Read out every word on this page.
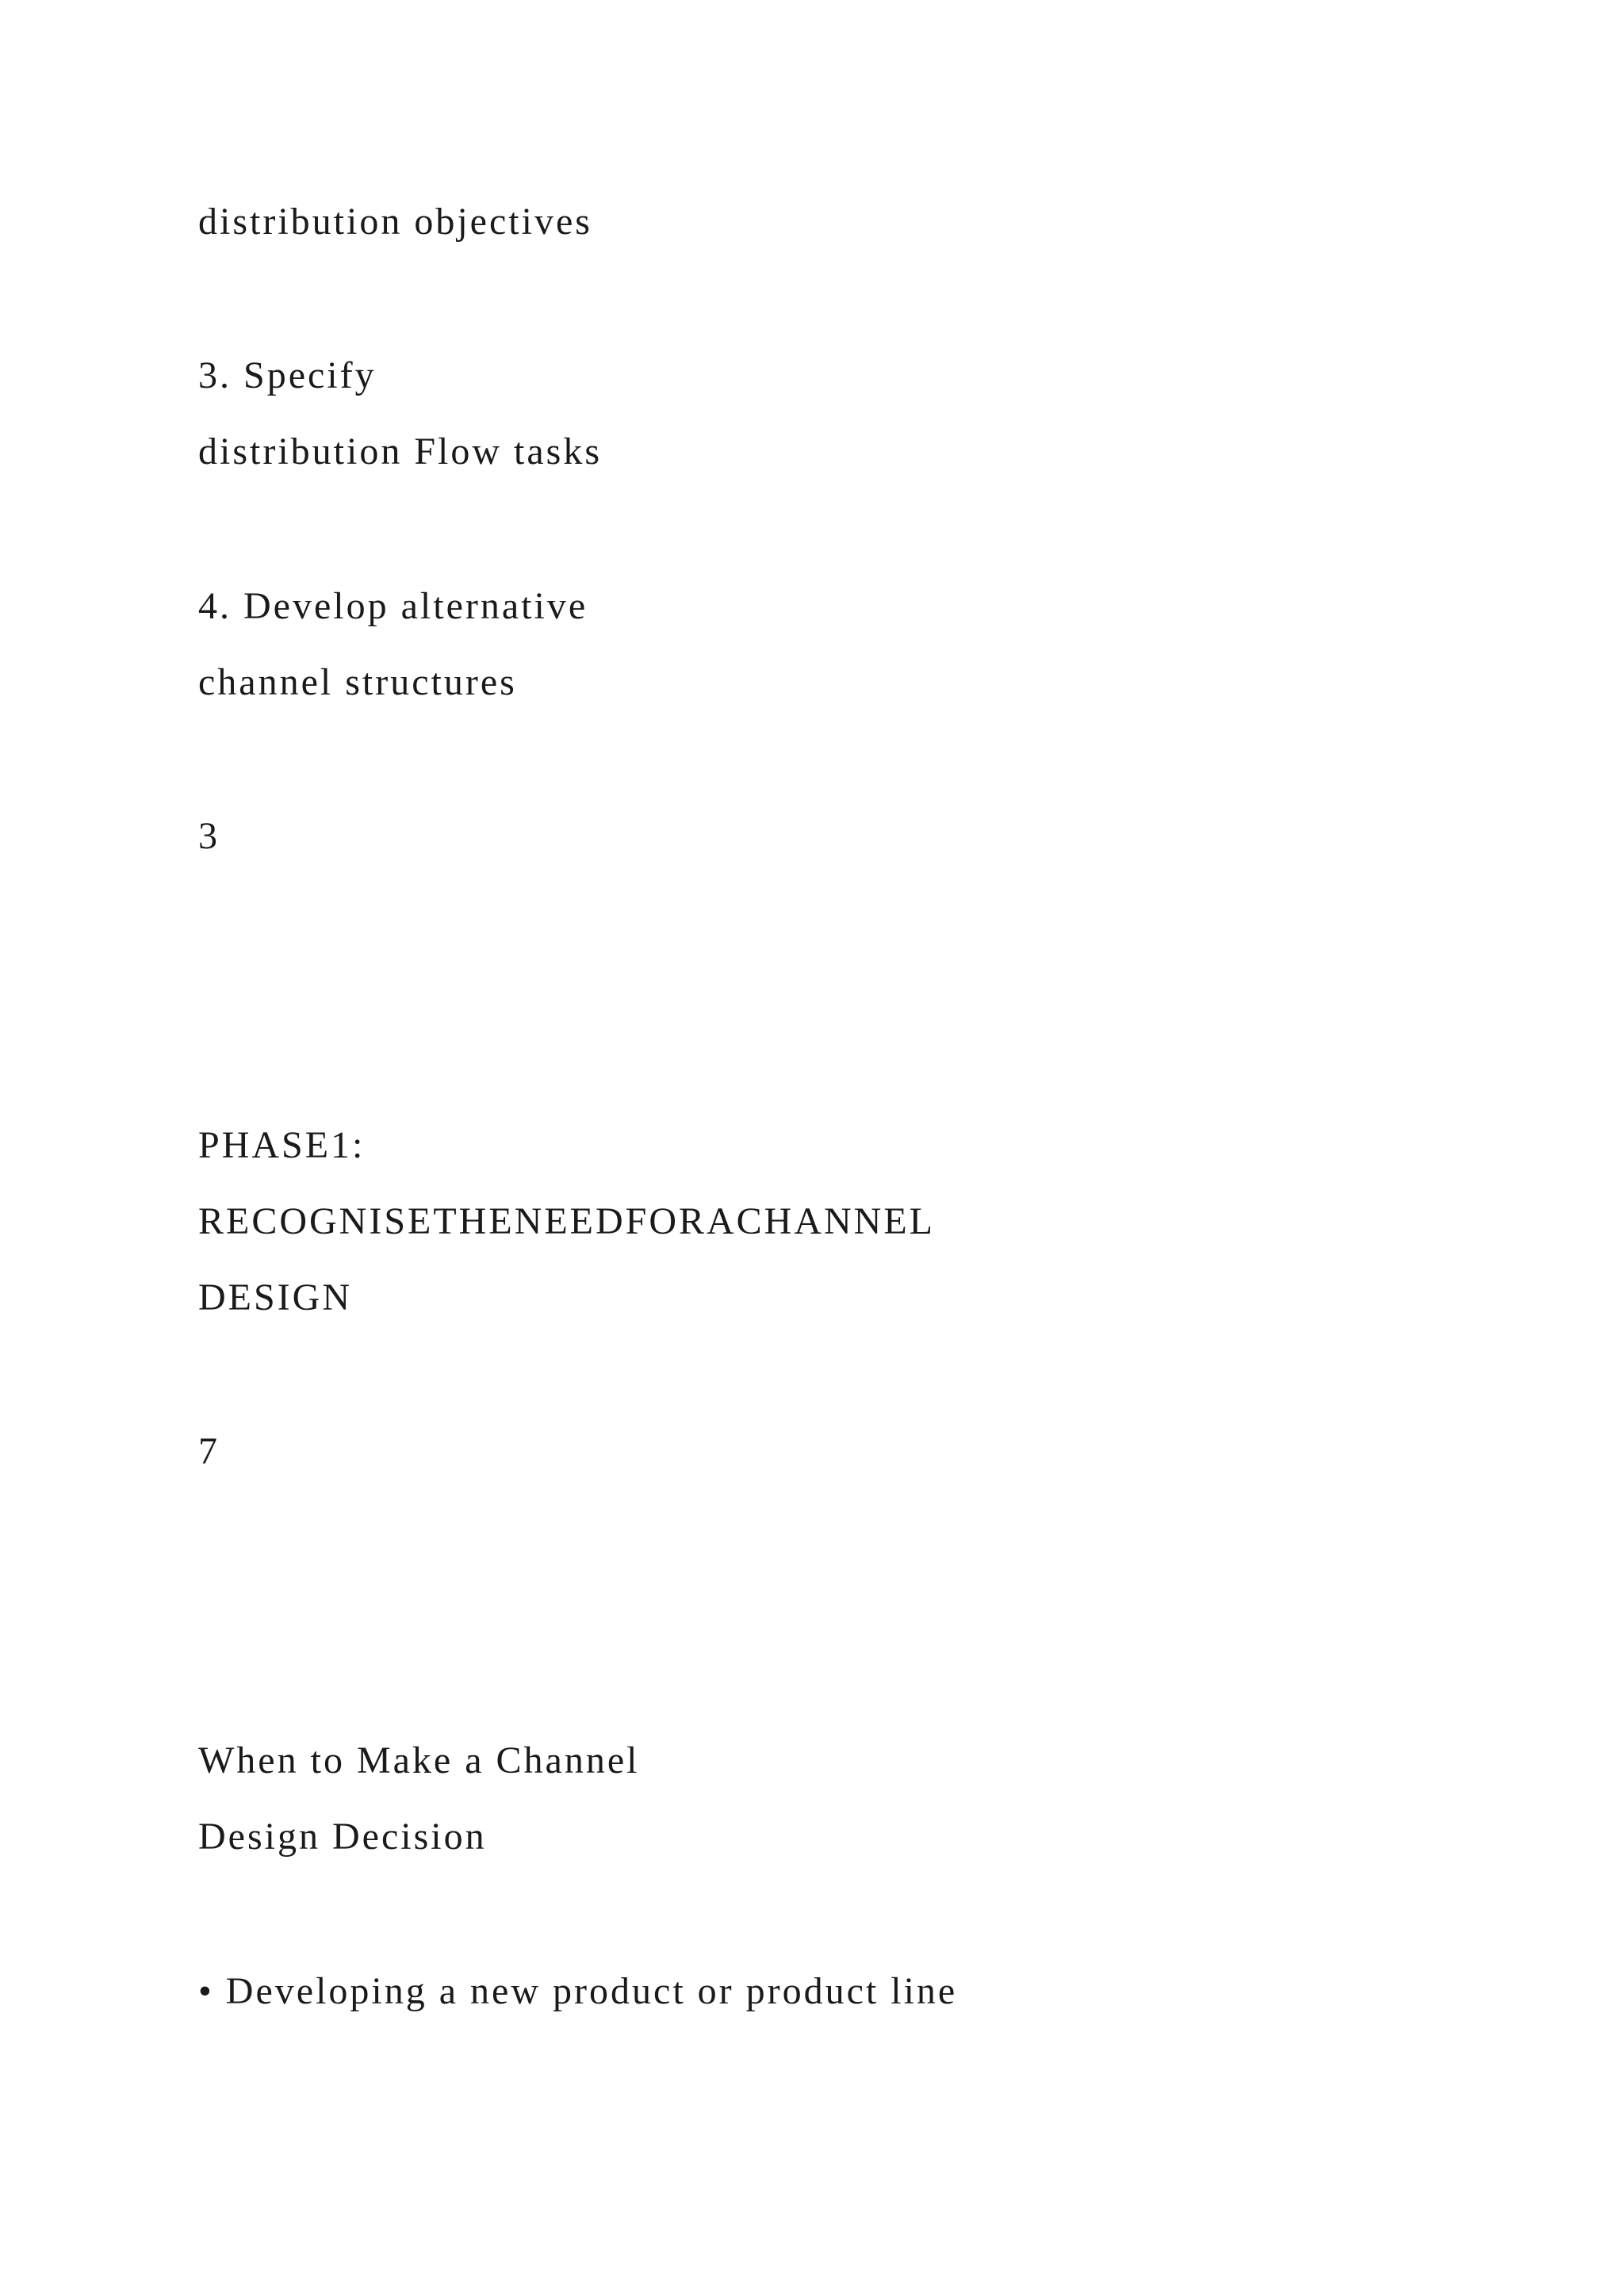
distribution objectives
3. Specify
distribution Flow tasks
4. Develop alternative
channel structures
3
PHASE1:
RECOGNISETHENEEDFORACHANNEL
DESIGN
7
When to Make a Channel
Design Decision
• Developing a new product or product line
